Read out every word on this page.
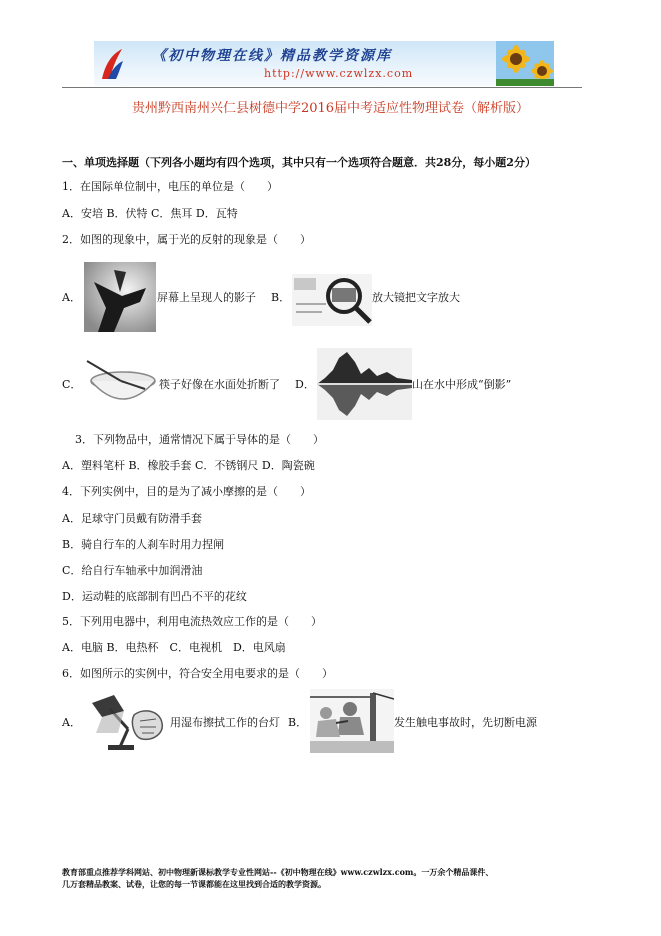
《初中物理在线》精品教学资源库
http://www.czwlzx.com
贵州黔西南州兴仁县树德中学2016届中考适应性物理试卷（解析版）
一、单项选择题（下列各小题均有四个选项，其中只有一个选项符合题意．共28分，每小题2分）
1．在国际单位制中，电压的单位是（　　）
A．安培 B．伏特 C．焦耳 D．瓦特
2．如图的现象中，属于光的反射的现象是（　　）
A．	屏幕上呈现人的影子 B．	放大镜把文字放大
C．	筷子好像在水面处折断了 D．	山在水中形成“倒影”
3．下列物品中，通常情况下属于导体的是（　　）
A．塑料笔杆 B．橡胶手套 C．不锈钢尺 D．陶瓷碗
4．下列实例中，目的是为了减小摩擦的是（　　）
A．足球守门员戴有防滑手套
B．骑自行车的人刹车时用力捏闸
C．给自行车轴承中加润滑油
D．运动鞋的底部制有凹凸不平的花纹
5．下列用电器中，利用电流热效应工作的是（　　）
A．电脑 B．电热杯　C．电视机　D．电风扇
6．如图所示的实例中，符合安全用电要求的是（　　）
A．	用湿布擦拭工作的台灯 B．	发生触电事故时，先切断电源
教育部重点推荐学科网站、初中物理新课标教学专业性网站--《初中物理在线》www.czwlzx.com。一万余个精品课件、
几万套精品教案、试卷，让您的每一节课都能在这里找到合适的教学资源。
